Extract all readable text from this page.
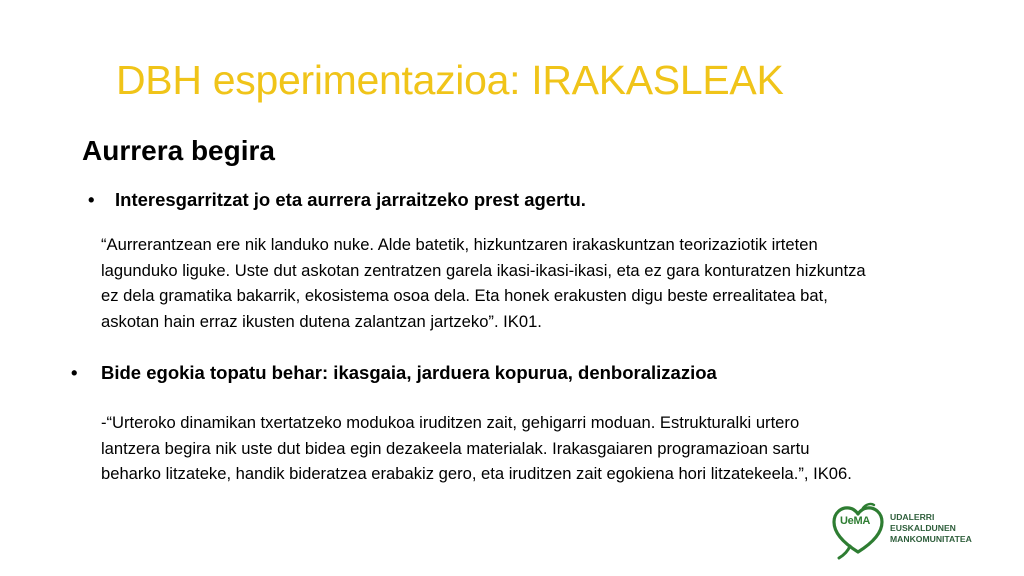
DBH esperimentazioa: IRAKASLEAK
Aurrera begira
• Interesgarritzat jo eta aurrera jarraitzeko prest agertu.
“Aurrerantzean ere nik landuko nuke. Alde batetik, hizkuntzaren irakaskuntzan teorizaziotik irteten
lagunduko liguke. Uste dut askotan zentratzen garela ikasi-ikasi-ikasi, eta ez gara konturatzen hizkuntza
ez dela gramatika bakarrik, ekosistema osoa dela. Eta honek erakusten digu beste errealitatea bat,
askotan hain erraz ikusten dutena zalantzan jartzeko”. IK01.
• Bide egokia topatu behar: ikasgaia, jarduera kopurua, denboralizazioa
-“Urteroko dinamikan txertatzeko modukoa iruditzen zait, gehigarri moduan. Estrukturalki urtero
lantzera begira nik uste dut bidea egin dezakeela materialak. Irakasgaiaren programazioan sartu
beharko litzateke, handik bideratzea erabakiz gero, eta iruditzen zait egokiena hori litzatekeela.”, IK06.
UeMA UDALERRI
EUSKALDUNEN
MANKOMUNITATEA
